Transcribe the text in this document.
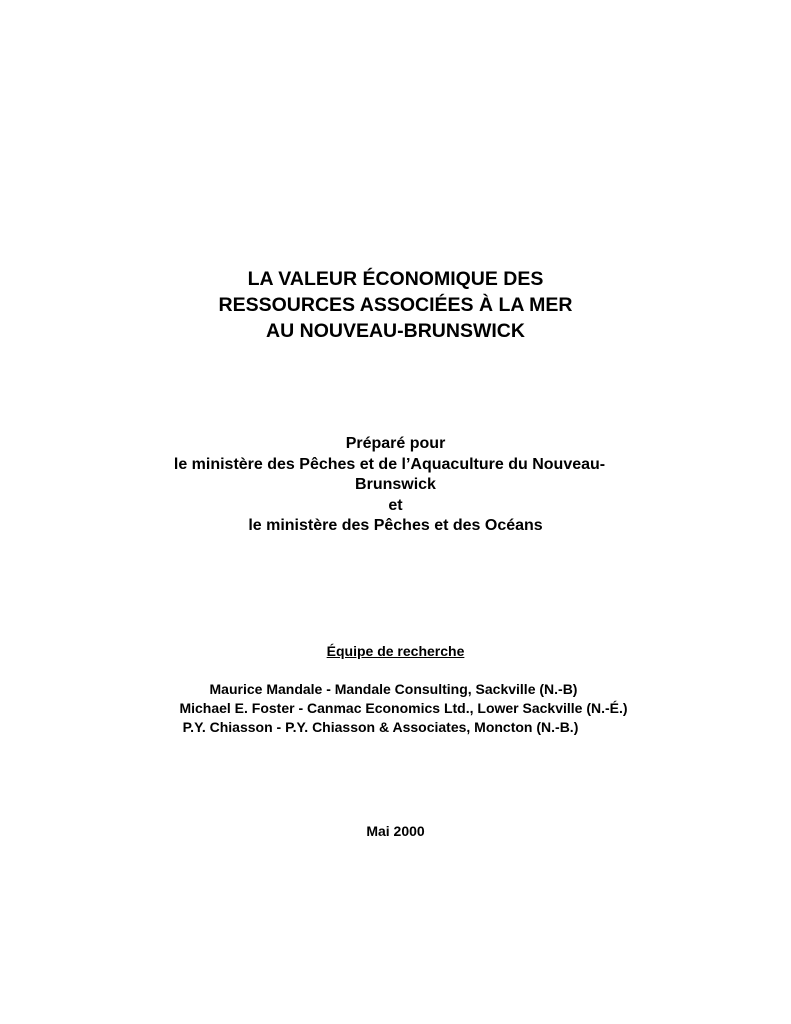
LA VALEUR ÉCONOMIQUE DES
RESSOURCES ASSOCIÉES À LA MER
AU NOUVEAU-BRUNSWICK
Préparé pour
le ministère des Pêches et de l’Aquaculture du Nouveau-
Brunswick
et
le ministère des Pêches et des Océans
Équipe de recherche
Maurice Mandale - Mandale Consulting, Sackville (N.-B)
Michael E. Foster - Canmac Economics Ltd., Lower Sackville (N.-É.)
P.Y. Chiasson - P.Y. Chiasson & Associates, Moncton (N.-B.)
Mai 2000
